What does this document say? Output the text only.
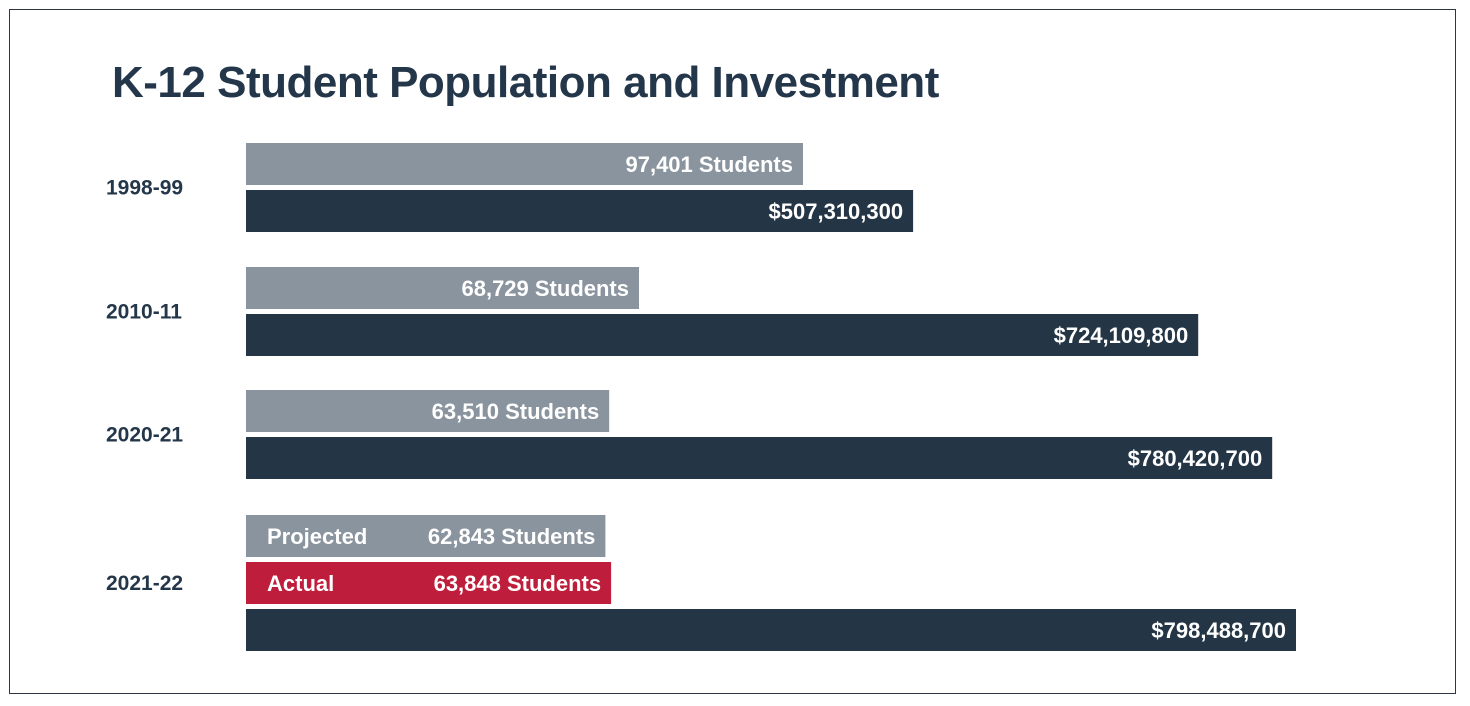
K-12 Student Population and Investment
1998-99
97,401 Students
$507,310,300
2010-11
68,729 Students
$724,109,800
2020-21
63,510 Students
$780,420,700
2021-22
62,843 Students
Projected
63,848 Students
Actual
$798,488,700
